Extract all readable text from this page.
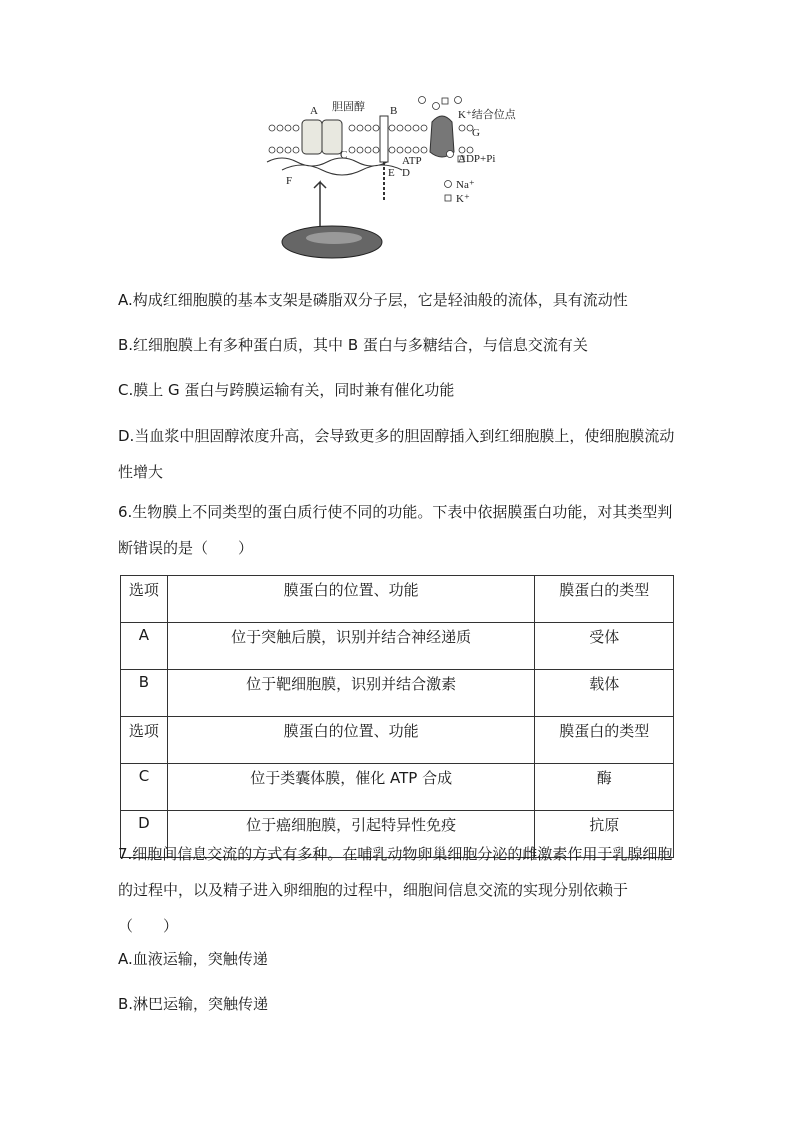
A 胆固醇 B	K⁺结合位点
G
C	ATP	ADP+Pi
D
E
F	Na⁺
K⁺

A.构成红细胞膜的基本支架是磷脂双分子层，它是轻油般的流体，具有流动性

B.红细胞膜上有多种蛋白质，其中 B 蛋白与多糖结合，与信息交流有关

C.膜上 G 蛋白与跨膜运输有关，同时兼有催化功能

D.当血浆中胆固醇浓度升高，会导致更多的胆固醇插入到红细胞膜上，使细胞膜流动性增大

6.生物膜上不同类型的蛋白质行使不同的功能。下表中依据膜蛋白功能，对其类型判断错误的是（　　）

选项	膜蛋白的位置、功能	膜蛋白的类型
A	位于突触后膜，识别并结合神经递质	受体
B	位于靶细胞膜，识别并结合激素	载体
选项	膜蛋白的位置、功能	膜蛋白的类型
C	位于类囊体膜，催化 ATP 合成	酶
D	位于癌细胞膜，引起特异性免疫	抗原

7.细胞间信息交流的方式有多种。在哺乳动物卵巢细胞分泌的雌激素作用于乳腺细胞的过程中，以及精子进入卵细胞的过程中，细胞间信息交流的实现分别依赖于（　　）

A.血液运输，突触传递

B.淋巴运输，突触传递
